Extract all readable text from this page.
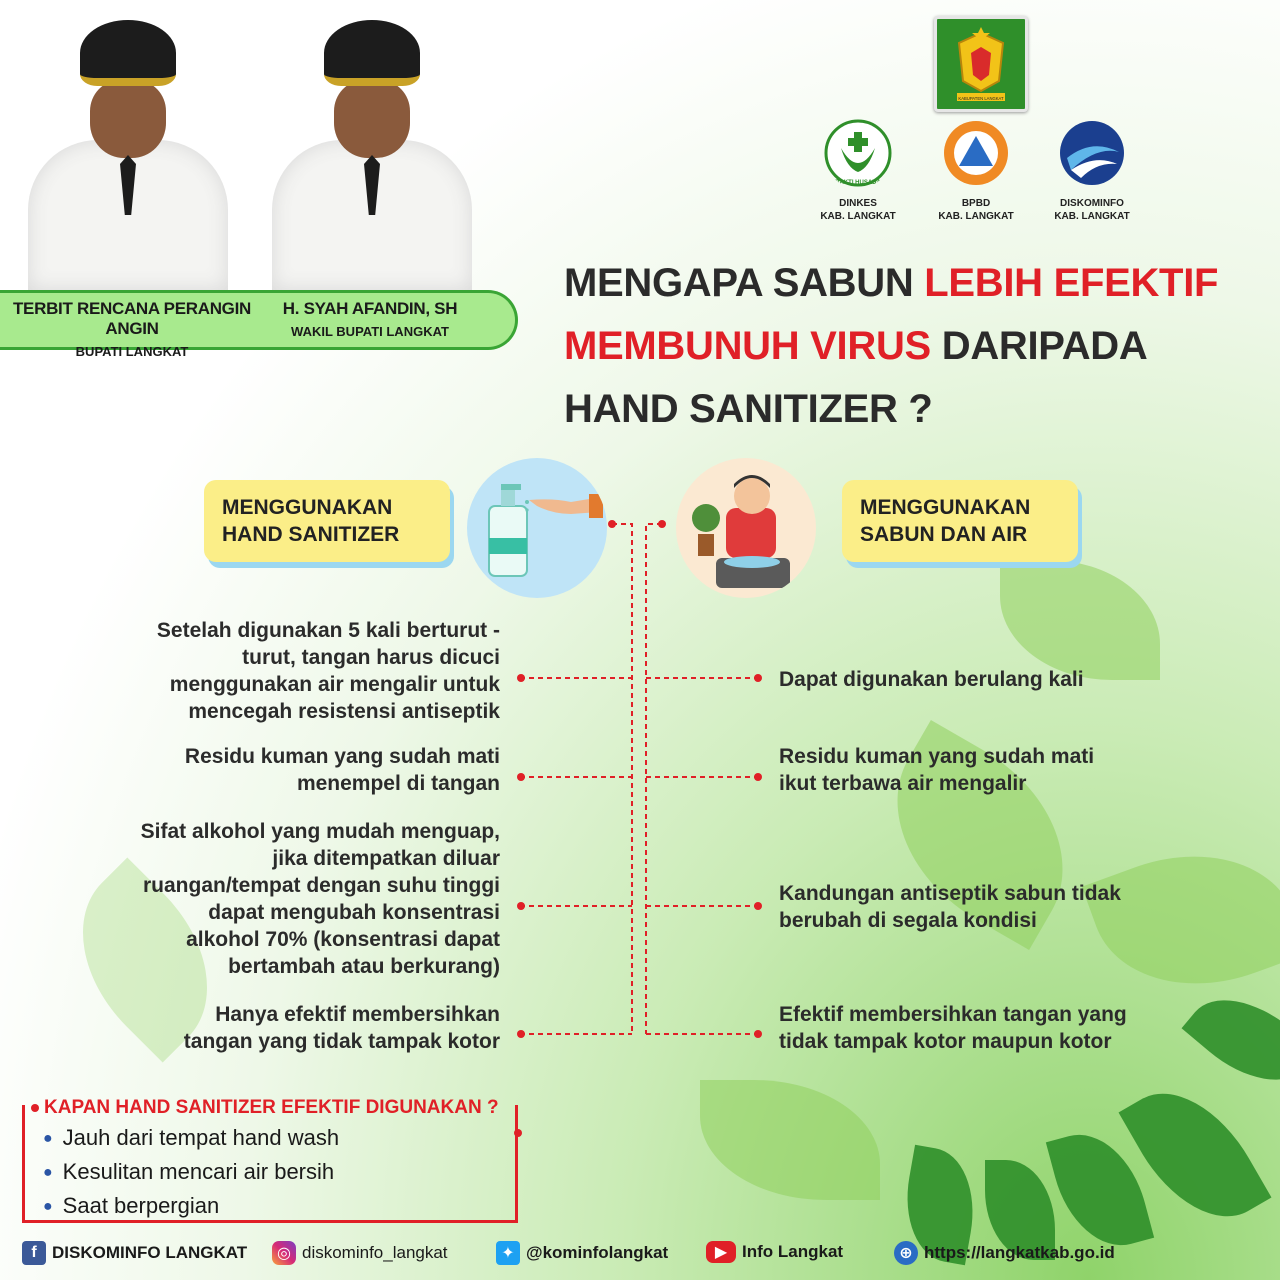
TERBIT RENCANA PERANGIN ANGIN
BUPATI LANGKAT
H. SYAH AFANDIN, SH
WAKIL BUPATI LANGKAT
KABUPATEN LANGKAT
BAKTI HUSADA
DINKES
KAB. LANGKAT
BPBD
KAB. LANGKAT
DISKOMINFO
KAB. LANGKAT
MENGAPA SABUN LEBIH EFEKTIF
MEMBUNUH VIRUS DARIPADA
HAND SANITIZER ?
MENGGUNAKAN
HAND SANITIZER
MENGGUNAKAN
SABUN DAN AIR
Setelah digunakan 5 kali berturut -
turut, tangan harus dicuci
menggunakan air mengalir untuk
mencegah resistensi antiseptik
Residu kuman yang sudah mati
menempel di tangan
Sifat alkohol yang mudah menguap,
jika ditempatkan diluar
ruangan/tempat dengan suhu tinggi
dapat mengubah konsentrasi
alkohol 70% (konsentrasi dapat
bertambah atau berkurang)
Hanya efektif membersihkan
tangan yang tidak tampak kotor
Dapat digunakan berulang kali
Residu kuman yang sudah mati
ikut terbawa air mengalir
Kandungan antiseptik sabun tidak
berubah di segala kondisi
Efektif membersihkan tangan yang
tidak tampak kotor maupun kotor
KAPAN HAND SANITIZER EFEKTIF DIGUNAKAN ?
● Jauh dari tempat hand wash
● Kesulitan mencari air bersih
● Saat berpergian
f DISKOMINFO LANGKAT	◎ diskominfo_langkat	✦ @kominfolangkat	▶ Info Langkat	⊕ https://langkatkab.go.id
